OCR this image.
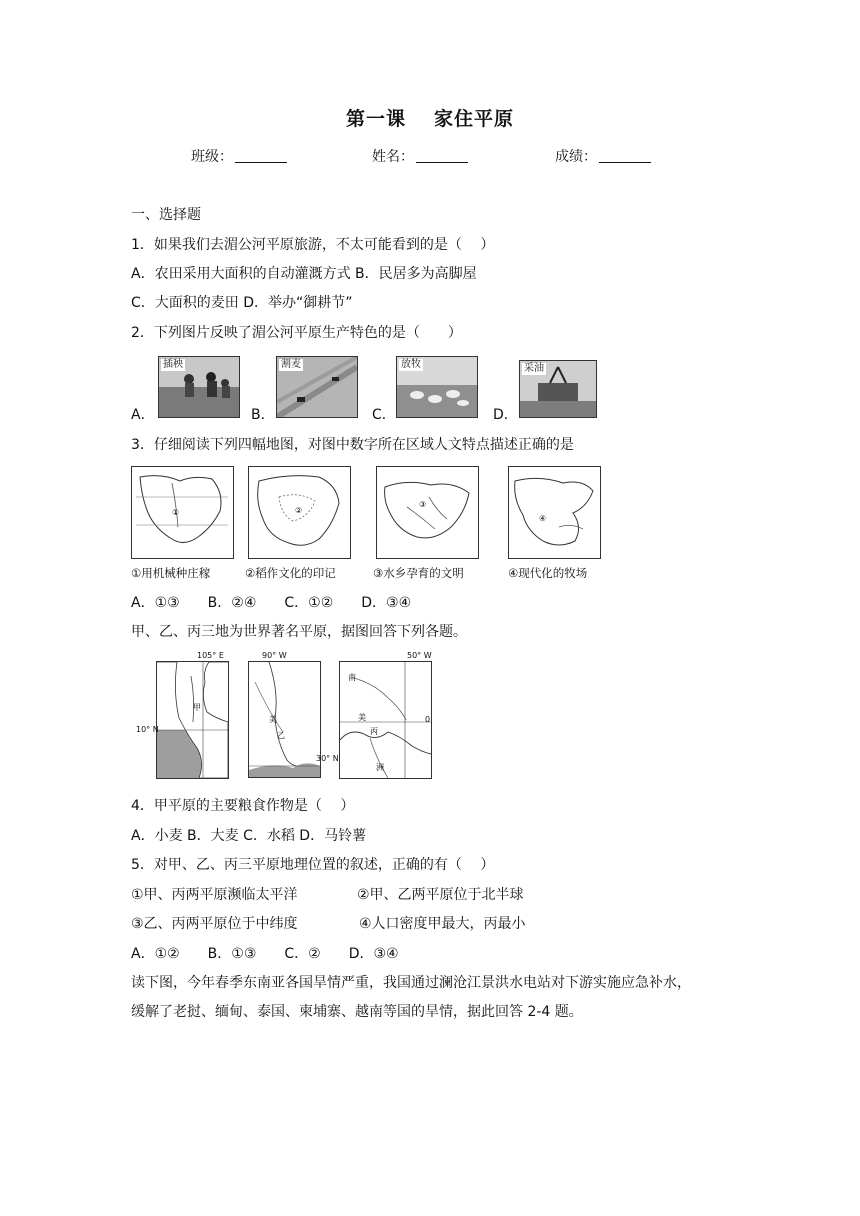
第一课 家住平原
班级：	姓名：	成绩：
一、选择题
1．如果我们去湄公河平原旅游，不太可能看到的是（　 ）
A．农田采用大面积的自动灌溉方式 B．民居多为高脚屋
C．大面积的麦田 D．举办“御耕节”
2．下列图片反映了湄公河平原生产特色的是（　　）
A．
插秧
B．
割麦
C．
放牧
D．
采油
3．仔细阅读下列四幅地图，对图中数字所在区域人文特点描述正确的是
①
①用机械种庄稼
②
②稻作文化的印记
③
③水乡孕育的文明
④
④现代化的牧场
A．①③　　B．②④　　C．①②　　D．③④
甲、乙、丙三地为世界著名平原，据图回答下列各题。
甲
105° E
10° N
美
乙
90° W
30° N
南
美
丙
洲
50° W
0
4．甲平原的主要粮食作物是（　 ）
A．小麦 B．大麦 C．水稻 D．马铃薯
5．对甲、乙、丙三平原地理位置的叙述，正确的有（　 ）
①甲、丙两平原濒临太平洋	②甲、乙两平原位于北半球
③乙、丙两平原位于中纬度	④人口密度甲最大，丙最小
A．①②　　B．①③　　C．②　　D．③④
读下图，今年春季东南亚各国旱情严重，我国通过澜沧江景洪水电站对下游实施应急补水，
缓解了老挝、缅甸、泰国、柬埔寨、越南等国的旱情，据此回答 2-4 题。
